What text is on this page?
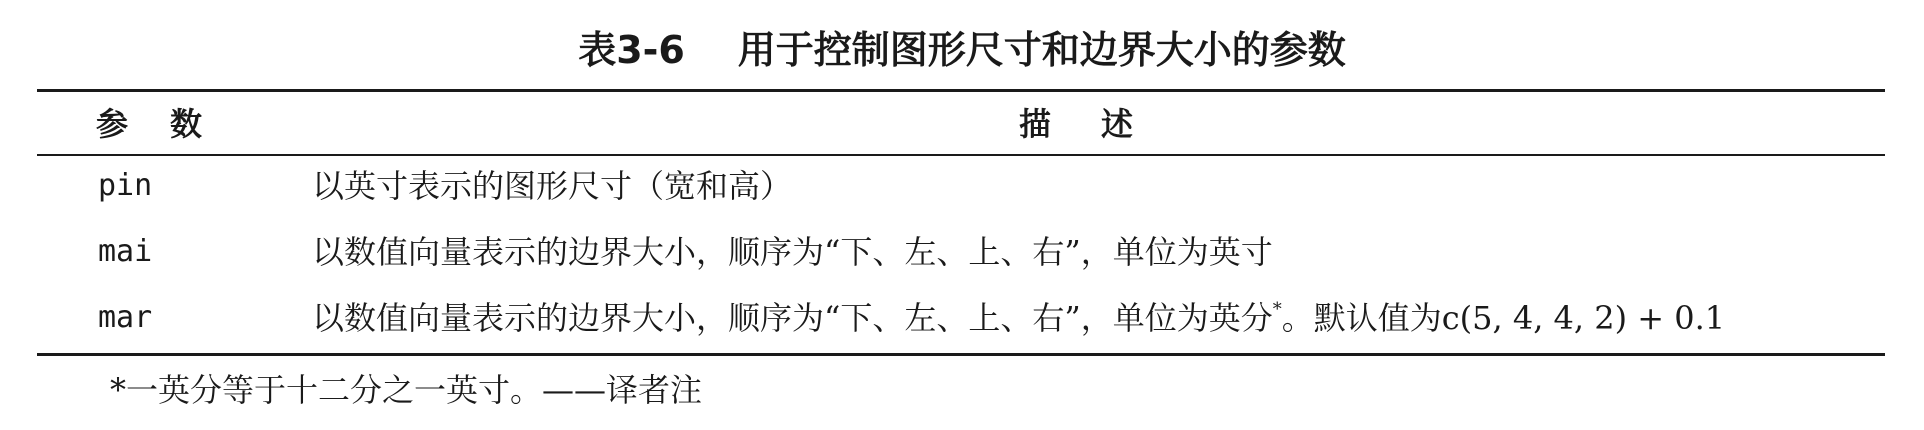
表3-6    用于控制图形尺寸和边界大小的参数
参数	描述
pin	以英寸表示的图形尺寸（宽和高）
mai	以数值向量表示的边界大小，顺序为“下、左、上、右”，单位为英寸
mar	以数值向量表示的边界大小，顺序为“下、左、上、右”，单位为英分*。默认值为c(5, 4, 4, 2) + 0.1
*一英分等于十二分之一英寸。——译者注
